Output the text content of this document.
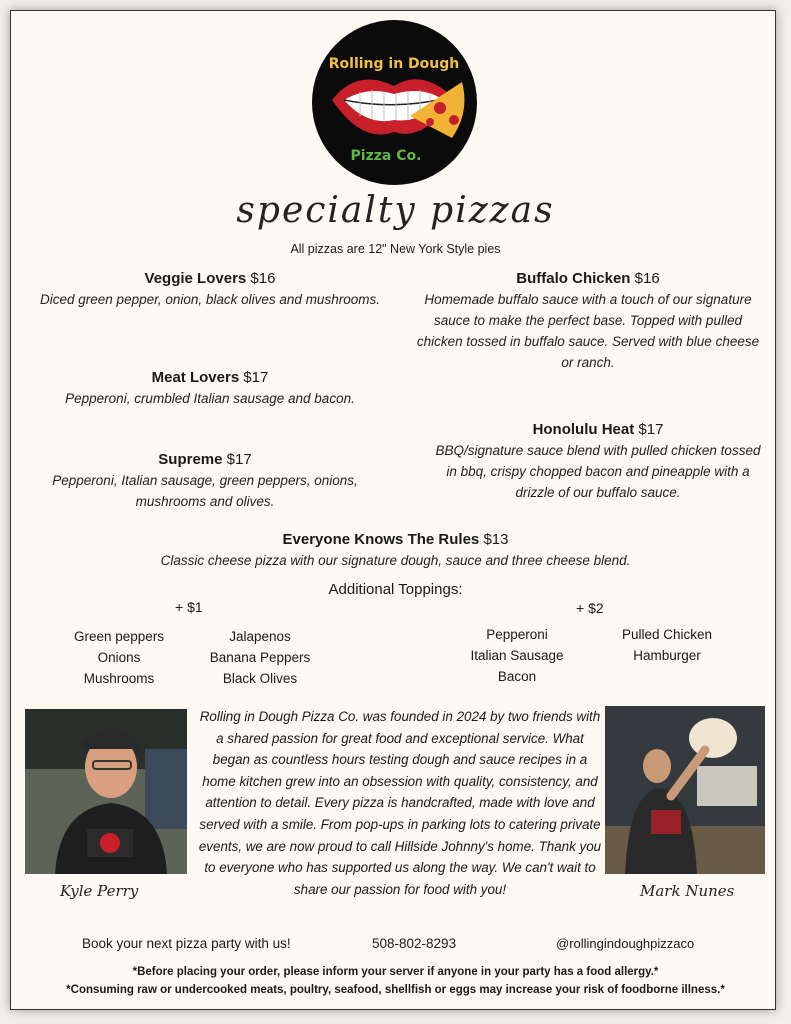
Rolling in Dough
Pizza Co.
specialty pizzas
All pizzas are 12" New York Style pies
Veggie Lovers $16
Diced green pepper, onion, black olives and mushrooms.
Meat Lovers $17
Pepperoni, crumbled Italian sausage and bacon.
Supreme $17
Pepperoni, Italian sausage, green peppers, onions, mushrooms and olives.
Buffalo Chicken $16
Homemade buffalo sauce with a touch of our signature sauce to make the perfect base. Topped with pulled chicken tossed in buffalo sauce. Served with blue cheese or ranch.
Honolulu Heat $17
BBQ/signature sauce blend with pulled chicken tossed in bbq, crispy chopped bacon and pineapple with a drizzle of our buffalo sauce.
Everyone Knows The Rules $13
Classic cheese pizza with our signature dough, sauce and three cheese blend.
Additional Toppings:
+ $1
Green peppers
Onions
Mushrooms
Jalapenos
Banana Peppers
Black Olives
+ $2
Pepperoni
Italian Sausage
Bacon
Pulled Chicken
Hamburger
Kyle Perry	Mark Nunes
Rolling in Dough Pizza Co. was founded in 2024 by two friends with a shared passion for great food and exceptional service. What began as countless hours testing dough and sauce recipes in a home kitchen grew into an obsession with quality, consistency, and attention to detail. Every pizza is handcrafted, made with love and served with a smile. From pop-ups in parking lots to catering private events, we are now proud to call Hillside Johnny's home. Thank you to everyone who has supported us along the way. We can't wait to share our passion for food with you!
Book your next pizza party with us!	508-802-8293	@rollingindoughpizzaco
*Before placing your order, please inform your server if anyone in your party has a food allergy.*
*Consuming raw or undercooked meats, poultry, seafood, shellfish or eggs may increase your risk of foodborne illness.*
